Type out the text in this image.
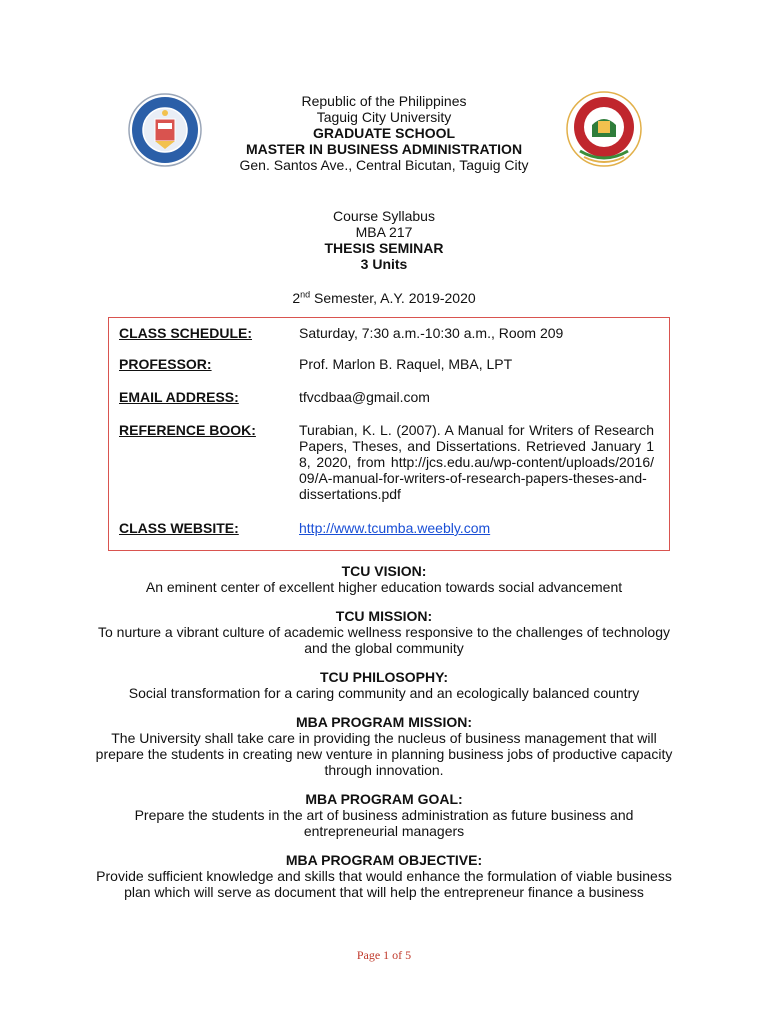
Republic of the Philippines
Taguig City University
GRADUATE SCHOOL
MASTER IN BUSINESS ADMINISTRATION
Gen. Santos Ave., Central Bicutan, Taguig City
Course Syllabus
MBA 217
THESIS SEMINAR
3 Units
2nd Semester, A.Y. 2019-2020
CLASS SCHEDULE:	Saturday, 7:30 a.m.-10:30 a.m., Room 209
PROFESSOR:	Prof. Marlon B. Raquel, MBA, LPT
EMAIL ADDRESS:	tfvcdbaa@gmail.com
REFERENCE BOOK:	Turabian, K. L. (2007). A Manual for Writers of Research Papers, Theses, and Dissertations. Retrieved January 18, 2020, from http://jcs.edu.au/wp-content/uploads/2016/09/A-manual-for-writers-of-research-papers-theses-and-dissertations.pdf
CLASS WEBSITE:	http://www.tcumba.weebly.com
TCU VISION:
An eminent center of excellent higher education towards social advancement
TCU MISSION:
To nurture a vibrant culture of academic wellness responsive to the challenges of technology and the global community
TCU PHILOSOPHY:
Social transformation for a caring community and an ecologically balanced country
MBA PROGRAM MISSION:
The University shall take care in providing the nucleus of business management that will prepare the students in creating new venture in planning business jobs of productive capacity through innovation.
MBA PROGRAM GOAL:
Prepare the students in the art of business administration as future business and entrepreneurial managers
MBA PROGRAM OBJECTIVE:
Provide sufficient knowledge and skills that would enhance the formulation of viable business plan which will serve as document that will help the entrepreneur finance a business
Page 1 of 5
